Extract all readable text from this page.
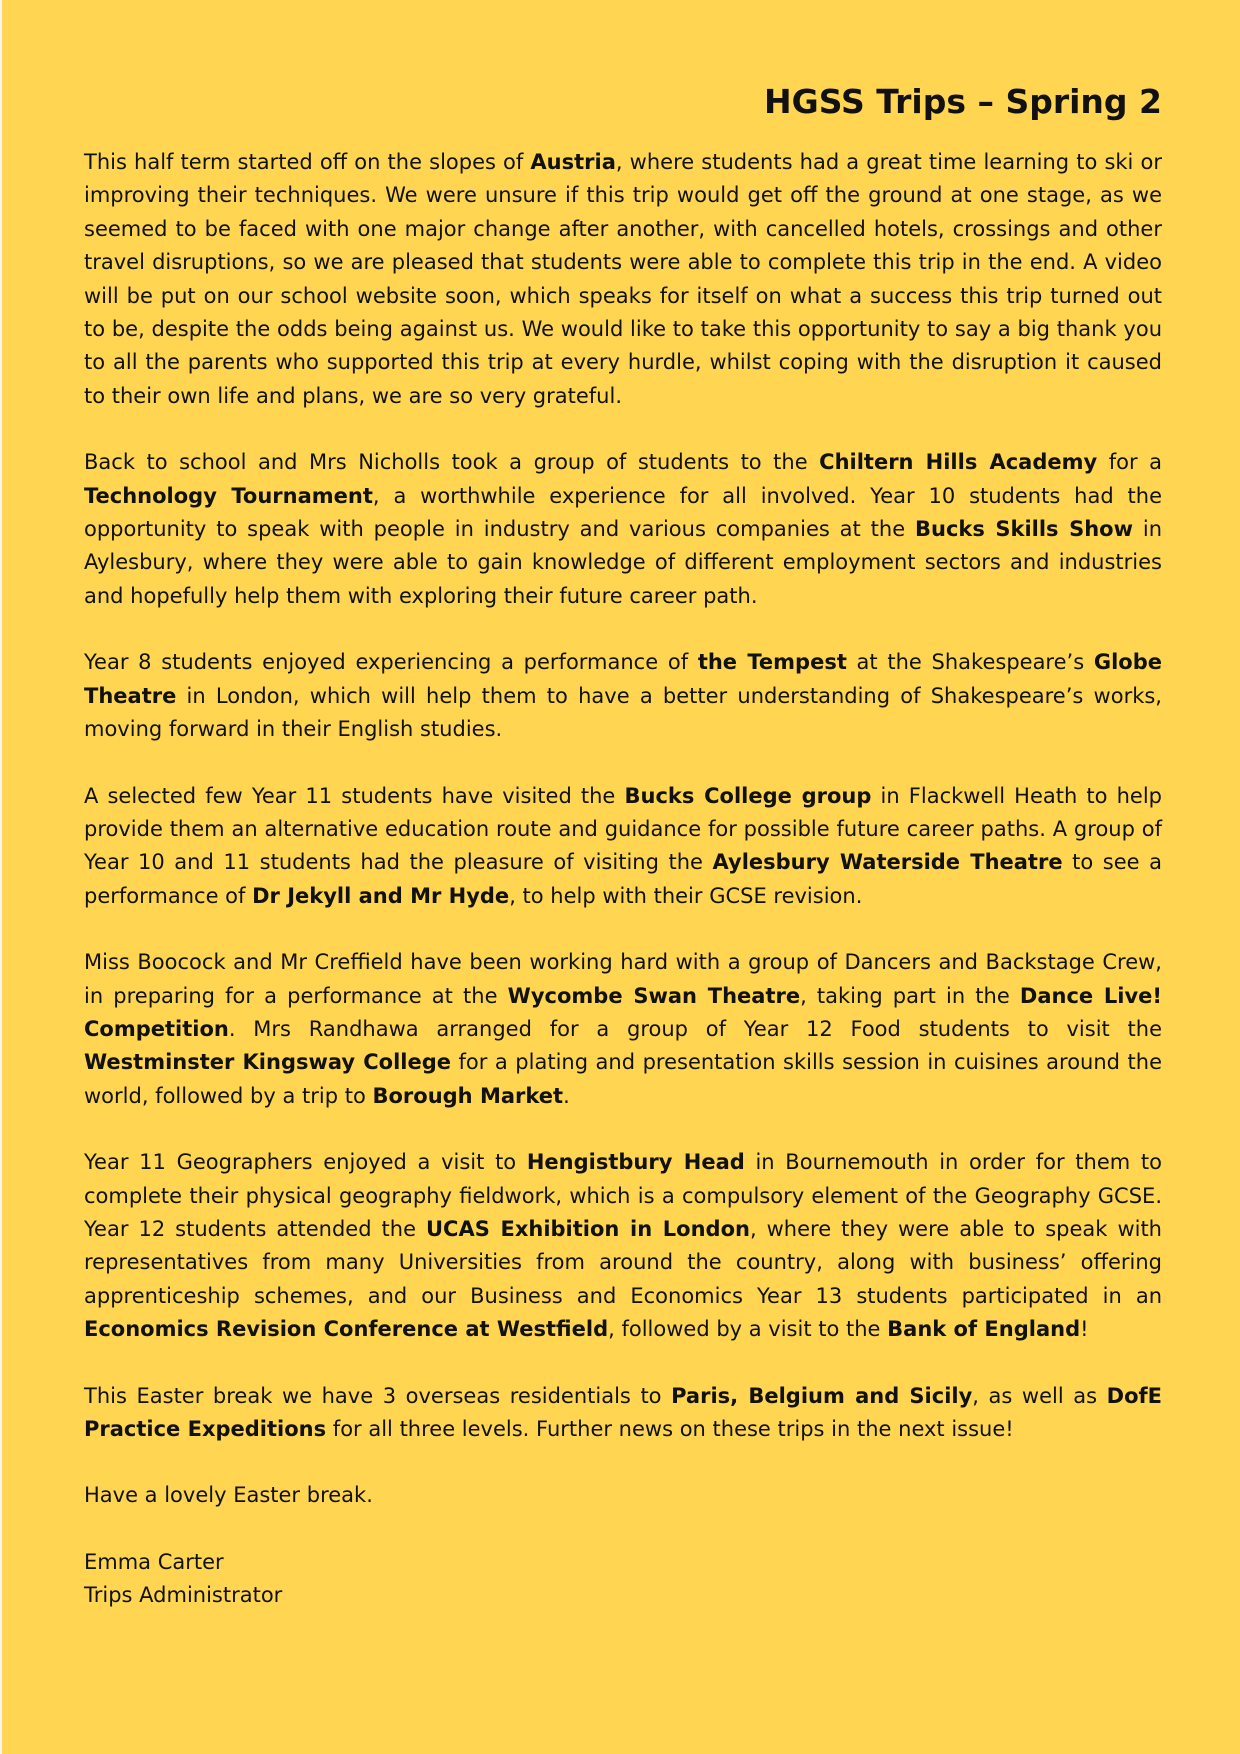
HGSS Trips – Spring 2

This half term started off on the slopes of Austria, where students had a great time learning to ski or improving their techniques. We were unsure if this trip would get off the ground at one stage, as we seemed to be faced with one major change after another, with cancelled hotels, crossings and other travel disruptions, so we are pleased that students were able to complete this trip in the end. A video will be put on our school website soon, which speaks for itself on what a success this trip turned out to be, despite the odds being against us. We would like to take this opportunity to say a big thank you to all the parents who supported this trip at every hurdle, whilst coping with the disruption it caused to their own life and plans, we are so very grateful.

Back to school and Mrs Nicholls took a group of students to the Chiltern Hills Academy for a Technology Tournament, a worthwhile experience for all involved. Year 10 students had the opportunity to speak with people in industry and various companies at the Bucks Skills Show in Aylesbury, where they were able to gain knowledge of different employment sectors and industries and hopefully help them with exploring their future career path.

Year 8 students enjoyed experiencing a performance of the Tempest at the Shakespeare’s Globe Theatre in London, which will help them to have a better understanding of Shakespeare’s works, moving forward in their English studies.

A selected few Year 11 students have visited the Bucks College group in Flackwell Heath to help provide them an alternative education route and guidance for possible future career paths. A group of Year 10 and 11 students had the pleasure of visiting the Aylesbury Waterside Theatre to see a performance of Dr Jekyll and Mr Hyde, to help with their GCSE revision.

Miss Boocock and Mr Creffield have been working hard with a group of Dancers and Backstage Crew, in preparing for a performance at the Wycombe Swan Theatre, taking part in the Dance Live! Competition. Mrs Randhawa arranged for a group of Year 12 Food students to visit the Westminster Kingsway College for a plating and presentation skills session in cuisines around the world, followed by a trip to Borough Market.

Year 11 Geographers enjoyed a visit to Hengistbury Head in Bournemouth in order for them to complete their physical geography fieldwork, which is a compulsory element of the Geography GCSE. Year 12 students attended the UCAS Exhibition in London, where they were able to speak with representatives from many Universities from around the country, along with business’ offering apprenticeship schemes, and our Business and Economics Year 13 students participated in an Economics Revision Conference at Westfield, followed by a visit to the Bank of England!

This Easter break we have 3 overseas residentials to Paris, Belgium and Sicily, as well as DofE Practice Expeditions for all three levels. Further news on these trips in the next issue!

Have a lovely Easter break.

Emma Carter

Trips Administrator
